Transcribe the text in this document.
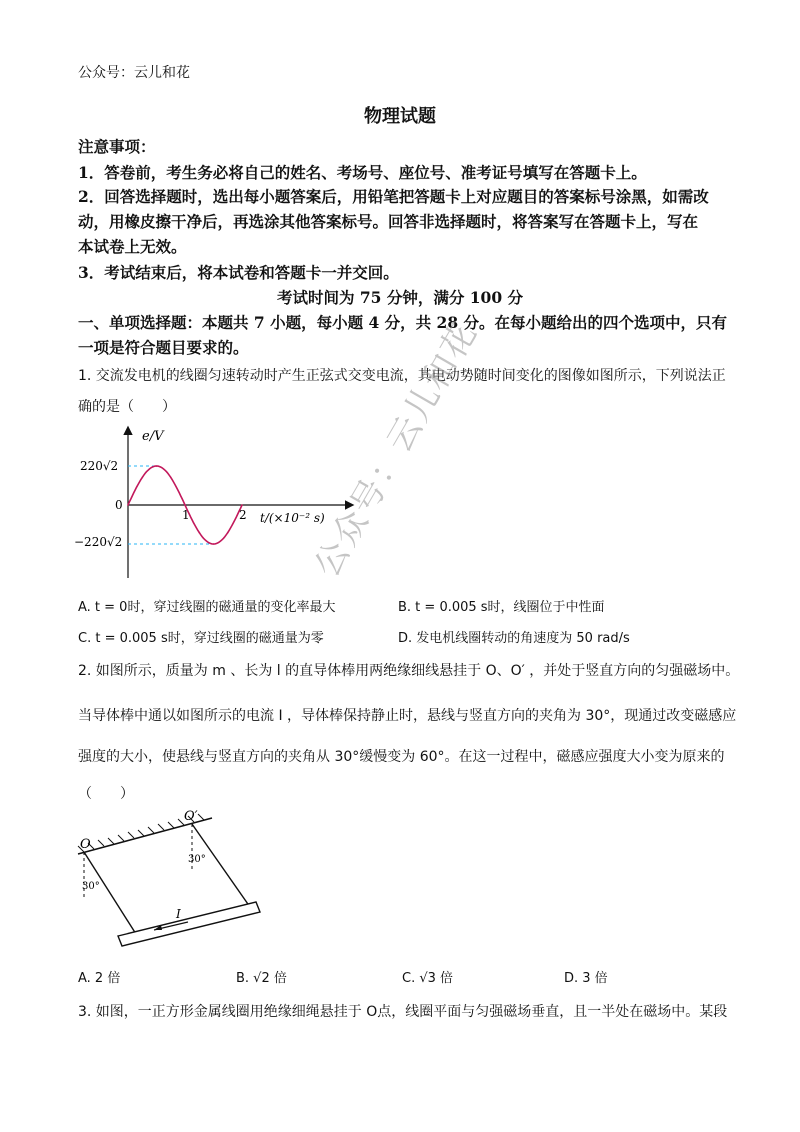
公众号：云儿和花
物理试题
注意事项：
1．答卷前，考生务必将自己的姓名、考场号、座位号、准考证号填写在答题卡上。
2．回答选择题时，选出每小题答案后，用铅笔把答题卡上对应题目的答案标号涂黑，如需改
动，用橡皮擦干净后，再选涂其他答案标号。回答非选择题时，将答案写在答题卡上，写在
本试卷上无效。
3．考试结束后，将本试卷和答题卡一并交回。
考试时间为 75 分钟，满分 100 分
一、单项选择题：本题共 7 小题，每小题 4 分，共 28 分。在每小题给出的四个选项中，只有
一项是符合题目要求的。
1. 交流发电机的线圈匀速转动时产生正弦式交变电流，其电动势随时间变化的图像如图所示，下列说法正
确的是（　　）
e/V
220√2
−220√2
0
1	2 t/(×10⁻² s)
A. t = 0时，穿过线圈的磁通量的变化率最大	B. t = 0.005 s时，线圈位于中性面
C. t = 0.005 s时，穿过线圈的磁通量为零	D. 发电机线圈转动的角速度为 50 rad/s
2. 如图所示，质量为 m 、长为 l 的直导体棒用两绝缘细线悬挂于 O、O′ ，并处于竖直方向的匀强磁场中。
当导体棒中通以如图所示的电流 I ，导体棒保持静止时，悬线与竖直方向的夹角为 30°，现通过改变磁感应
强度的大小，使悬线与竖直方向的夹角从 30°缓慢变为 60°。在这一过程中，磁感应强度大小变为原来的
（　　）
O
O′
30°
30°
I
A. 2 倍	B. √2 倍	C. √3 倍	D. 3 倍
3. 如图，一正方形金属线圈用绝缘细绳悬挂于 O点，线圈平面与匀强磁场垂直，且一半处在磁场中。某段
公众号：云儿和花
